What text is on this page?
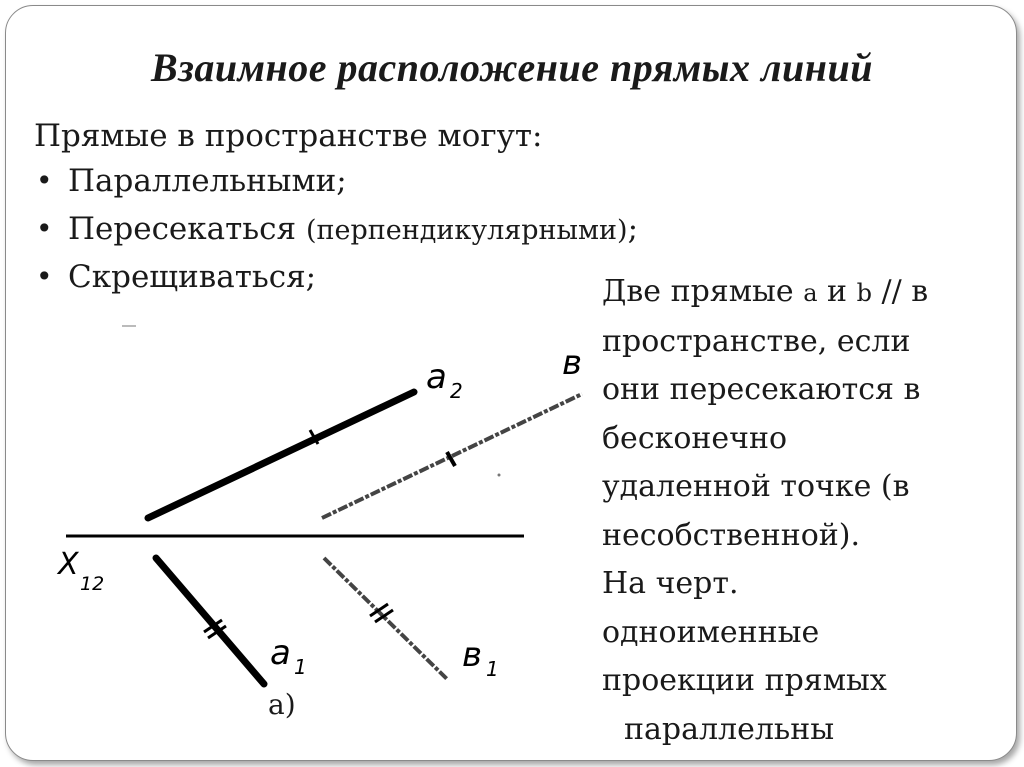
Взаимное расположение прямых линий

Прямые в пространстве могут:

• Параллельными;
• Пересекаться (перпендикулярными);
• Скрещиваться;	Две прямые a и b // в
пространстве, если
они пересекаются в
бесконечно
удаленной точке (в
несобственной).
На черт.
одноименные
проекции прямых
параллельны
X
12
a 2
в
a 1	в 1
а)
